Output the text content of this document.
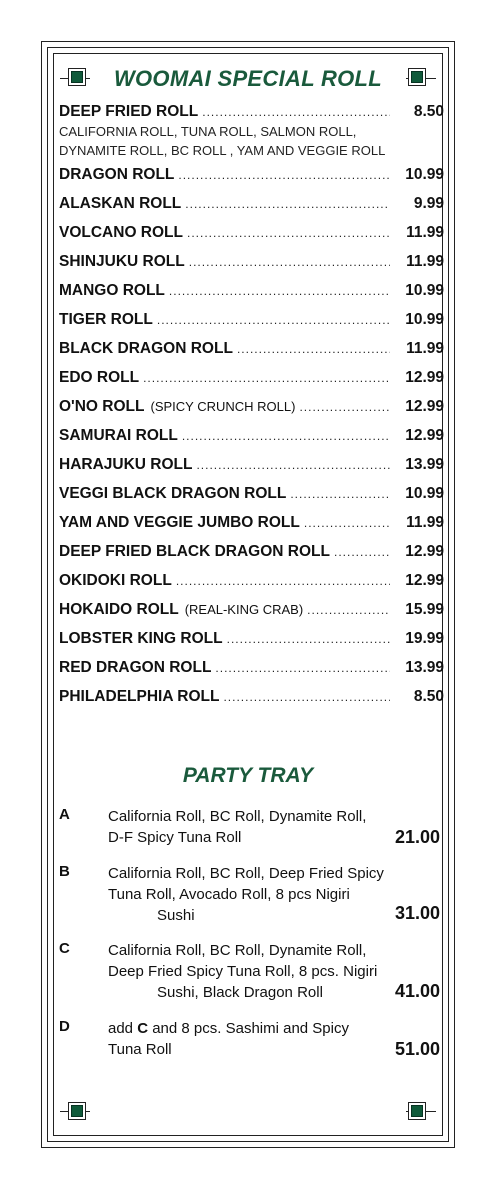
WOOMAI SPECIAL ROLL
DEEP FRIED ROLL .....	8.50
CALIFORNIA ROLL, TUNA ROLL, SALMON ROLL,
DYNAMITE ROLL, BC ROLL , YAM AND VEGGIE ROLL
DRAGON ROLL .....	10.99
ALASKAN ROLL .....	9.99
VOLCANO ROLL .....	11.99
SHINJUKU ROLL .....	11.99
MANGO ROLL .....	10.99
TIGER ROLL .....	10.99
BLACK DRAGON ROLL .....	11.99
EDO ROLL .....	12.99
O'NO ROLL (SPICY CRUNCH ROLL) .....	12.99
SAMURAI ROLL .....	12.99
HARAJUKU ROLL .....	13.99
VEGGI BLACK DRAGON ROLL .....	10.99
YAM AND VEGGIE JUMBO ROLL .....	11.99
DEEP FRIED BLACK DRAGON ROLL .....	12.99
OKIDOKI ROLL .....	12.99
HOKAIDO ROLL (REAL-KING CRAB) .....	15.99
LOBSTER KING ROLL .....	19.99
RED DRAGON ROLL .....	13.99
PHILADELPHIA ROLL .....	8.50
PARTY TRAY
A	California Roll, BC Roll, Dynamite Roll,
D-F Spicy Tuna Roll	21.00
B	California Roll, BC Roll, Deep Fried Spicy
Tuna Roll, Avocado Roll, 8 pcs Nigiri
Sushi	31.00
C	California Roll, BC Roll, Dynamite Roll,
Deep Fried Spicy Tuna Roll, 8 pcs. Nigiri
Sushi, Black Dragon Roll	41.00
D	add C and 8 pcs. Sashimi and Spicy
Tuna Roll	51.00
